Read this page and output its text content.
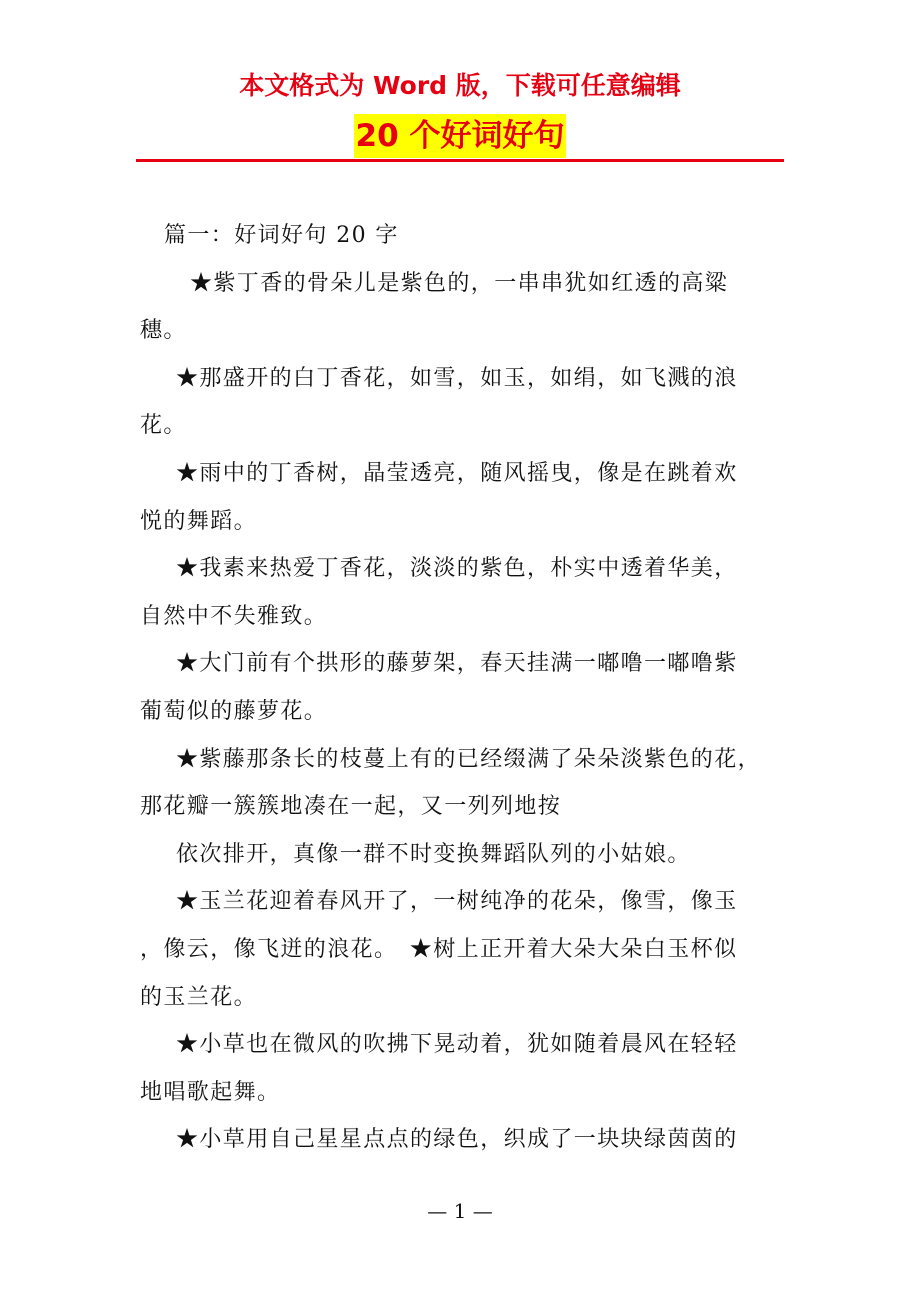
本文格式为 Word 版，下载可任意编辑
20 个好词好句
篇一：好词好句 20 字
★紫丁香的骨朵儿是紫色的，一串串犹如红透的高粱
穗。
★那盛开的白丁香花，如雪，如玉，如绢，如飞溅的浪
花。
★雨中的丁香树，晶莹透亮，随风摇曳，像是在跳着欢
悦的舞蹈。
★我素来热爱丁香花，淡淡的紫色，朴实中透着华美，
自然中不失雅致。
★大门前有个拱形的藤萝架，春天挂满一嘟噜一嘟噜紫
葡萄似的藤萝花。
★紫藤那条长的枝蔓上有的已经缀满了朵朵淡紫色的花，
那花瓣一簇簇地凑在一起，又一列列地按
依次排开，真像一群不时变换舞蹈队列的小姑娘。
★玉兰花迎着春风开了，一树纯净的花朵，像雪，像玉
，像云，像飞迸的浪花。　★树上正开着大朵大朵白玉杯似
的玉兰花。
★小草也在微风的吹拂下晃动着，犹如随着晨风在轻轻
地唱歌起舞。
★小草用自己星星点点的绿色，织成了一块块绿茵茵的
— 1 —
